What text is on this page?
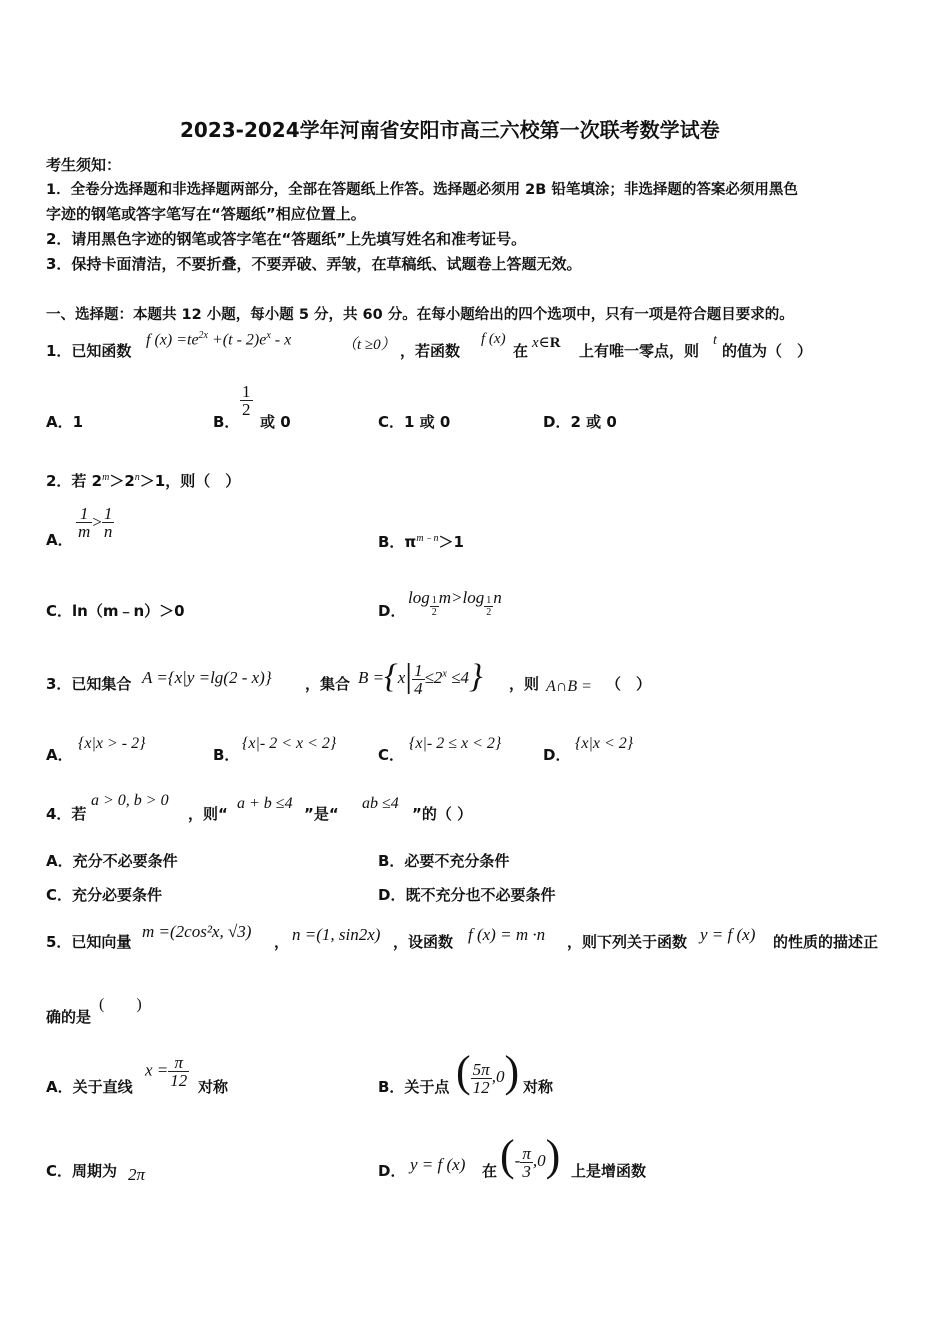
2023-2024学年河南省安阳市高三六校第一次联考数学试卷
考生须知：
1．全卷分选择题和非选择题两部分，全部在答题纸上作答。选择题必须用 2B 铅笔填涂；非选择题的答案必须用黑色
字迹的钢笔或答字笔写在“答题纸”相应位置上。
2．请用黑色字迹的钢笔或答字笔在“答题纸”上先填写姓名和准考证号。
3．保持卡面清洁，不要折叠，不要弄破、弄皱，在草稿纸、试题卷上答题无效。
一、选择题：本题共 12 小题，每小题 5 分，共 60 分。在每小题给出的四个选项中，只有一项是符合题目要求的。
1．已知函数
f $(x) =te^{2x} +(t - 2)e^x - x$	（t ≥0） ，若函数
f (x)
在 x∈R 上有唯一零点，则
t
的值为（　）
A．1	B．
$\frac{1}{2}$
或 0	C．1 或 0	D．2 或 0
2．若 $2^m>2^n>1$，则（　）
A． $\frac{1}{m} > \frac{1}{n}$
B．$\pi^{m﹣n}>1$
C．ln（m﹣n）＞0	D．
$\log \frac{1}{2} m>\log \frac{1}{2}$ n
3．已知集合 A ={x|y =lg(2 - x)} ，集合 $B =\{x| \frac{1}{4} \le 2^x \le 4\}$ ，则 A∩B = （　）
A．
{x|x > - 2}
B．
{x|- 2 < x < 2}
C．
{x|- 2 ≤ x < 2}
D．
{x|x < 2}
4．若
a > 0, b > 0
，则“
a + b ≤4
”是“
ab ≤4
”的（ ）
A．充分不必要条件	B．必要不充分条件
C．充分必要条件	D．既不充分也不必要条件
5．已知向量
m =(2cos²x, √3)
， n =(1, sin2x) ，设函数 f (x) = m ·n ，则下列关于函数 y = f (x) 的性质的描述正
确的是
(　　)
A．关于直线
$x = \frac{\pi}{12}$ 对称	B．关于点 ( $\frac{5\pi}{12} ,0$) 对称
C．周期为 2π	D． y = f (x) 在 (- $\frac{\pi}{3} ,0$) 上是增函数
